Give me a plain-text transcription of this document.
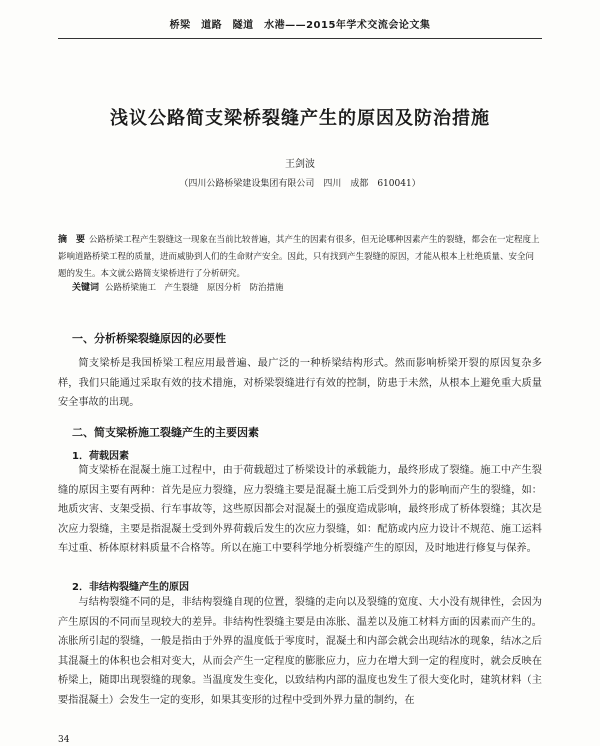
桥梁　道路　隧道　水港——2015年学术交流会论文集
浅议公路简支梁桥裂缝产生的原因及防治措施
王剑波
（四川公路桥梁建设集团有限公司　四川　成都　610041）
摘　要 公路桥梁工程产生裂缝这一现象在当前比较普遍，其产生的因素有很多，但无论哪种因素产生的裂缝，都会在一定程度上影响道路桥梁工程的质量，进而威胁到人们的生命财产安全。因此，只有找到产生裂缝的原因，才能从根本上杜绝质量、安全问题的发生。本文就公路简支梁桥进行了分析研究。
关键词 公路桥梁施工　产生裂缝　原因分析　防治措施
一、分析桥梁裂缝原因的必要性
简支梁桥是我国桥梁工程应用最普遍、最广泛的一种桥梁结构形式。然而影响桥梁开裂的原因复杂多样，我们只能通过采取有效的技术措施，对桥梁裂缝进行有效的控制，防患于未然，从根本上避免重大质量安全事故的出现。
二、简支梁桥施工裂缝产生的主要因素
1．荷载因素
简支梁桥在混凝土施工过程中，由于荷载超过了桥梁设计的承载能力，最终形成了裂缝。施工中产生裂缝的原因主要有两种：首先是应力裂缝，应力裂缝主要是混凝土施工后受到外力的影响而产生的裂缝，如：地质灾害、支架受损、行车事故等，这些原因都会对混凝土的强度造成影响，最终形成了桥体裂缝；其次是次应力裂缝，主要是指混凝土受到外界荷载后发生的次应力裂缝，如：配筋或内应力设计不规范、施工运料车过重、桥体原材料质量不合格等。所以在施工中要科学地分析裂缝产生的原因，及时地进行修复与保养。
2．非结构裂缝产生的原因
与结构裂缝不同的是，非结构裂缝自现的位置，裂缝的走向以及裂缝的宽度、大小没有规律性，会因为产生原因的不同而呈现较大的差异。非结构性裂缝主要是由冻胀、温差以及施工材料方面的因素而产生的。冻胀所引起的裂缝，一般是指由于外界的温度低于零度时，混凝土和内部会就会出现结冰的现象，结冰之后其混凝土的体积也会相对变大，从而会产生一定程度的膨胀应力，应力在增大到一定的程度时，就会反映在桥梁上，随即出现裂缝的现象。当温度发生变化，以致结构内部的温度也发生了很大变化时，建筑材料（主要指混凝土）会发生一定的变形，如果其变形的过程中受到外界力量的制约，在
34
